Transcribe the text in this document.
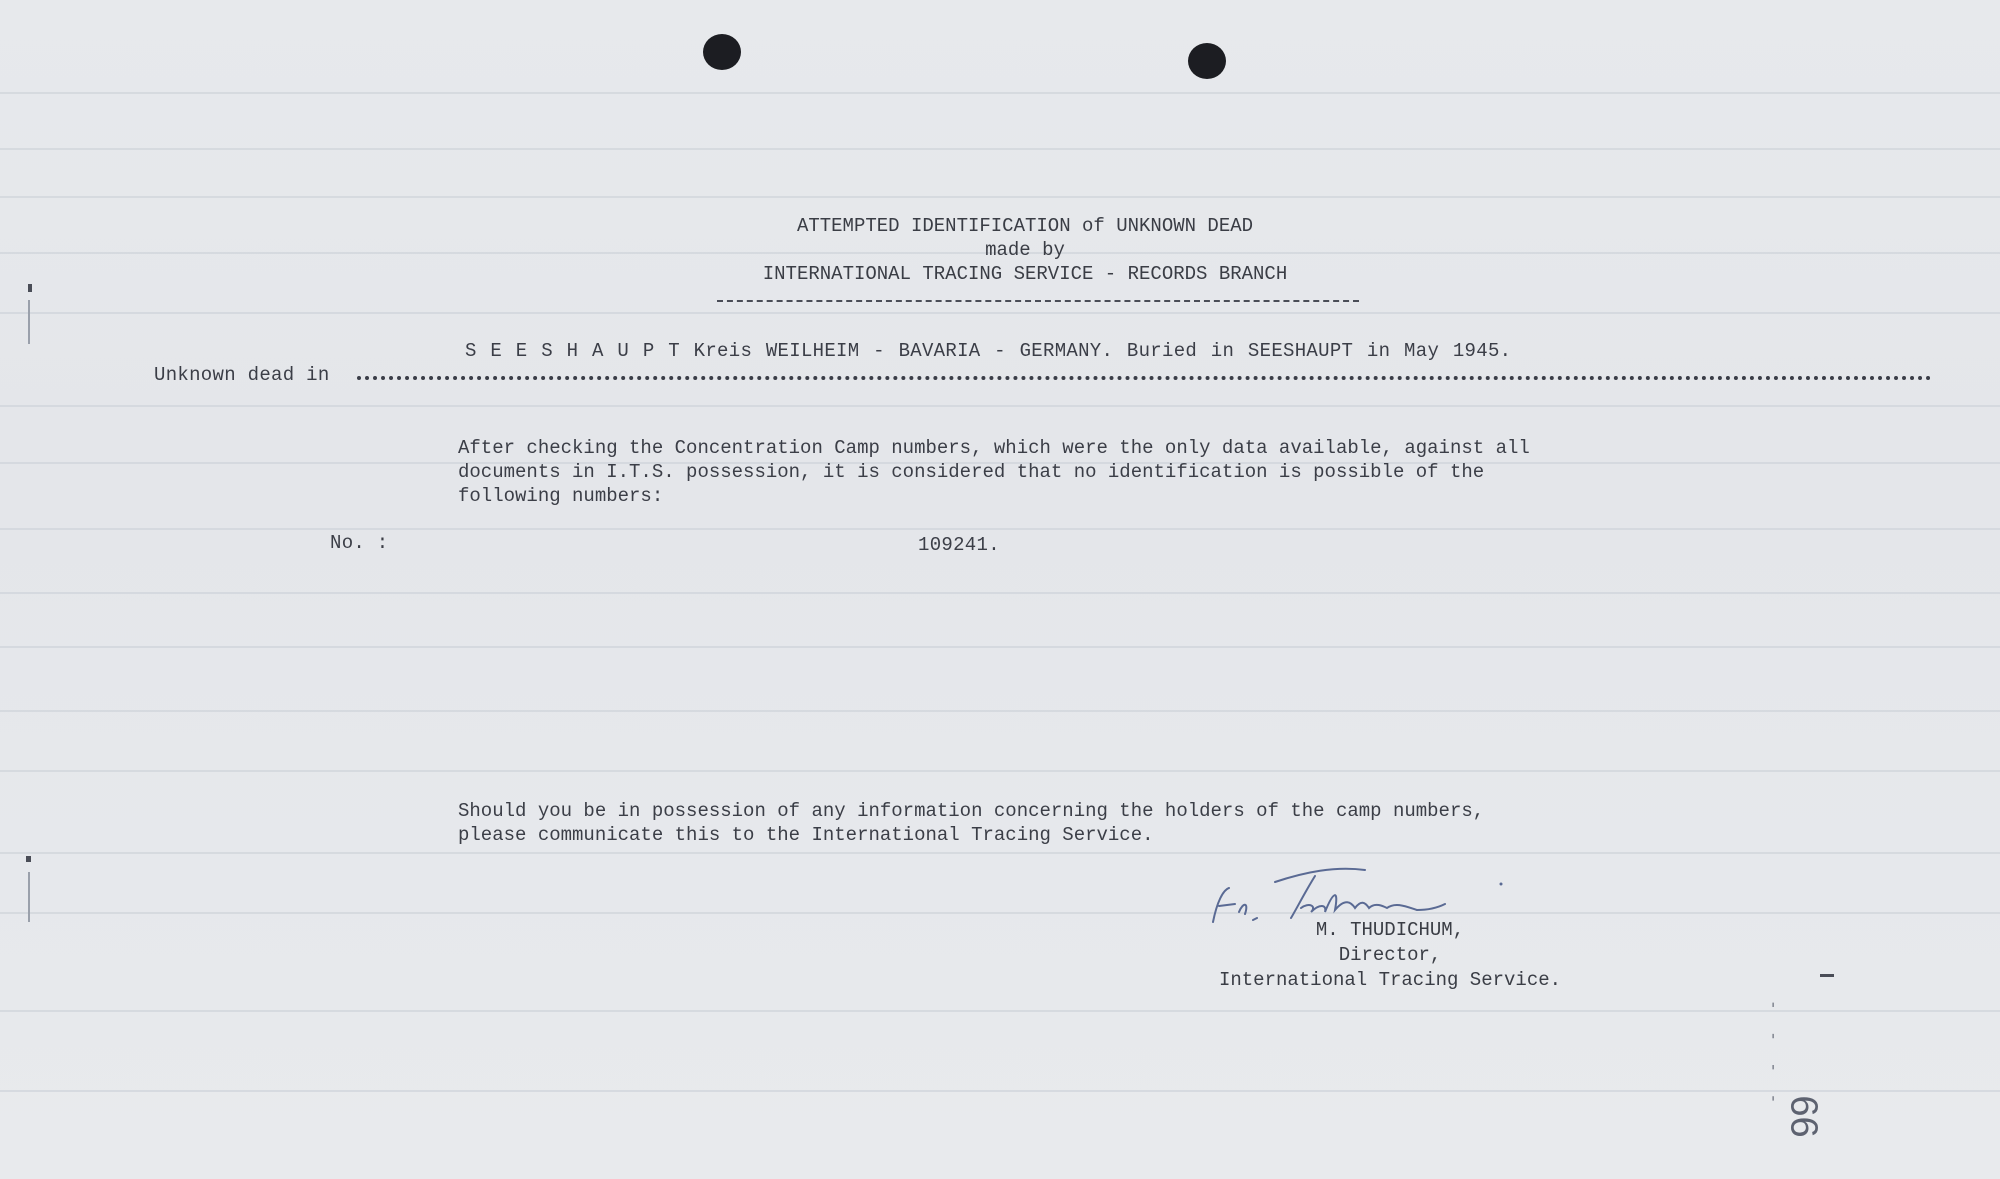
ATTEMPTED IDENTIFICATION of UNKNOWN DEAD
made by
INTERNATIONAL TRACING SERVICE - RECORDS BRANCH
Unknown dead in
S E E S H A U P T Kreis WEILHEIM - BAVARIA - GERMANY. Buried in SEESHAUPT in May 1945.
After checking the Concentration Camp numbers, which were the only data available, against all
documents in I.T.S. possession, it is considered that no identification is possible of the
following numbers:
No. :	109241.
Should you be in possession of any information concerning the holders of the camp numbers,
please communicate this to the International Tracing Service.
M. THUDICHUM,
Director,
International Tracing Service.
- - - -
66
